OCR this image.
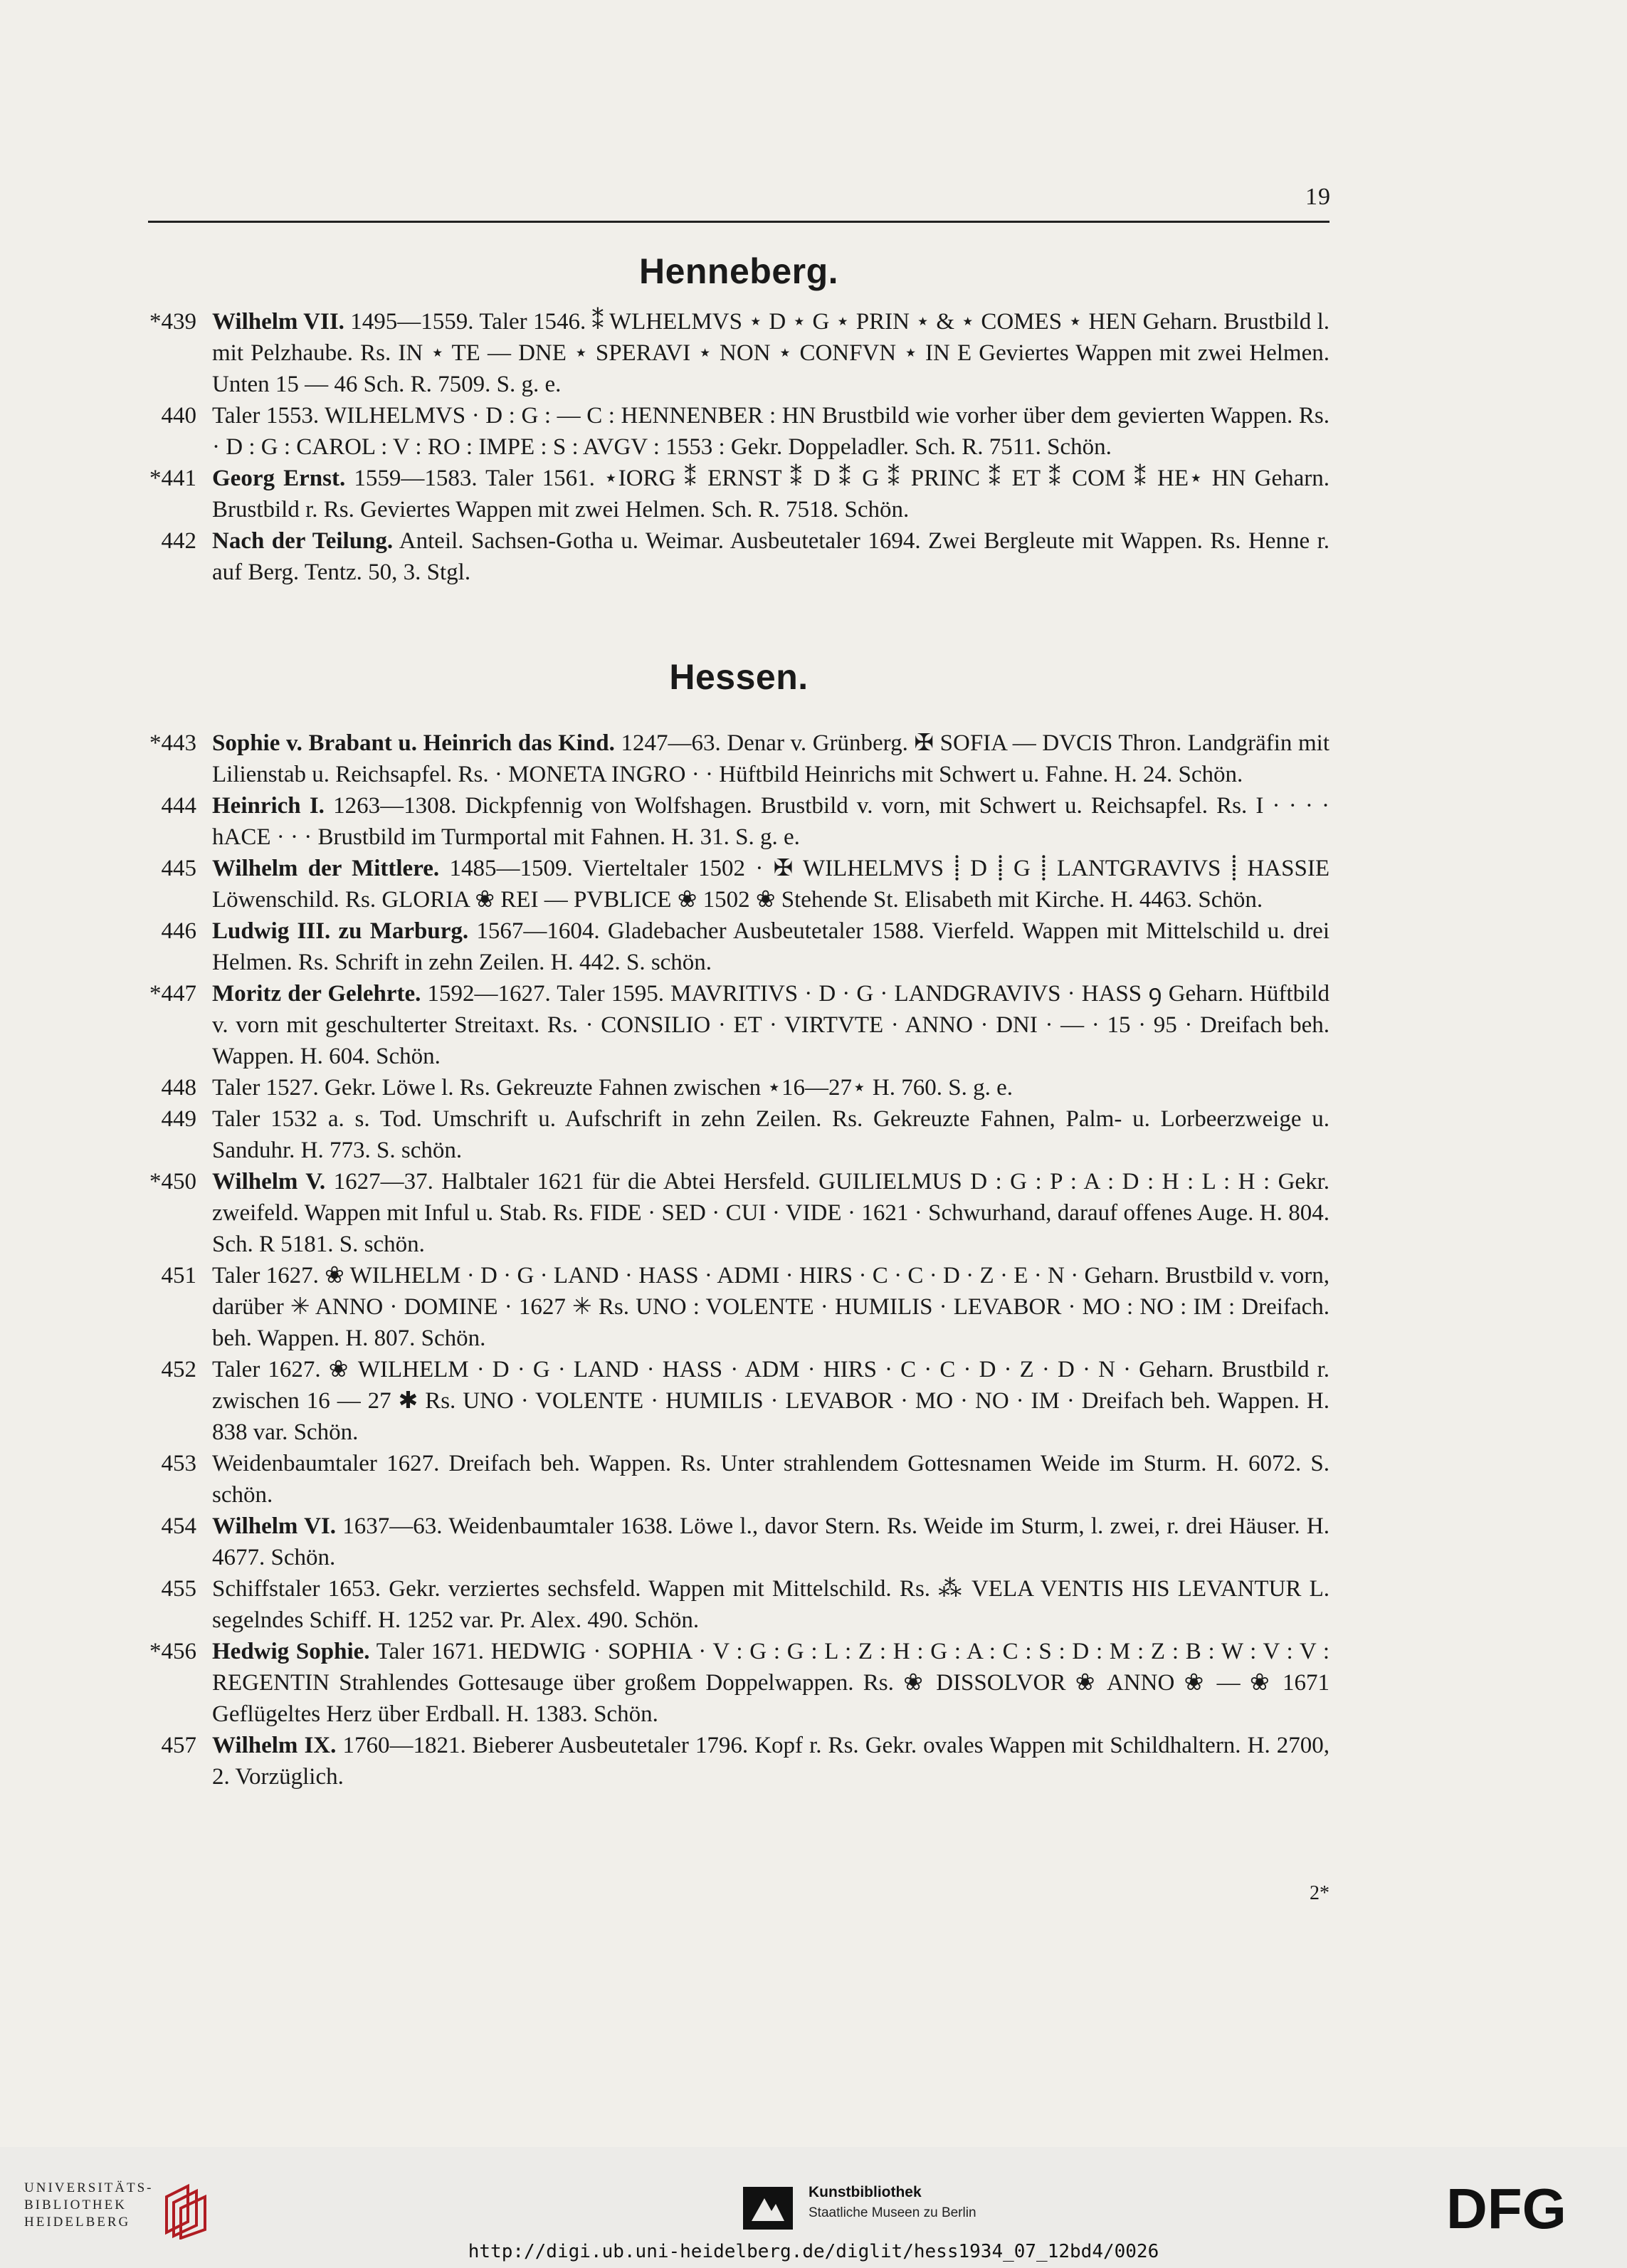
19
Henneberg.

*439 Wilhelm VII. 1495—1559. Taler 1546. ⁑ WLHELMVS ⋆ D ⋆ G ⋆ PRIN ⋆ & ⋆ COMES ⋆ HEN Geharn. Brustbild l. mit Pelzhaube. Rs. IN ⋆ TE — DNE ⋆ SPERAVI ⋆ NON ⋆ CONFVN ⋆ IN E Geviertes Wappen mit zwei Helmen. Unten 15 — 46 Sch. R. 7509. S. g. e.

440 Taler 1553. WILHELMVS · D : G : — C : HENNENBER : HN Brustbild wie vorher über dem gevierten Wappen. Rs. · D : G : CAROL : V : RO : IMPE : S : AVGV : 1553 : Gekr. Doppeladler. Sch. R. 7511. Schön.

*441 Georg Ernst. 1559—1583. Taler 1561. ⋆IORG ⁑ ERNST ⁑ D ⁑ G ⁑ PRINC ⁑ ET ⁑ COM ⁑ HE⋆ HN Geharn. Brustbild r. Rs. Geviertes Wappen mit zwei Helmen. Sch. R. 7518. Schön.

442 Nach der Teilung. Anteil. Sachsen-Gotha u. Weimar. Ausbeutetaler 1694. Zwei Bergleute mit Wappen. Rs. Henne r. auf Berg. Tentz. 50, 3. Stgl.

Hessen.

*443 Sophie v. Brabant u. Heinrich das Kind. 1247—63. Denar v. Grünberg. ✠ SOFIA — DVCIS Thron. Landgräfin mit Lilienstab u. Reichsapfel. Rs. · MONETA INGRO · · Hüftbild Heinrichs mit Schwert u. Fahne. H. 24. Schön.

444 Heinrich I. 1263—1308. Dickpfennig von Wolfshagen. Brustbild v. vorn, mit Schwert u. Reichsapfel. Rs. I · · · · hACE · · · Brustbild im Turmportal mit Fahnen. H. 31. S. g. e.

445 Wilhelm der Mittlere. 1485—1509. Vierteltaler 1502 · ✠ WILHELMVS ⸽ D ⸽ G ⸽ LANTGRAVIVS ⸽ HASSIE Löwenschild. Rs. GLORIA ❀ REI — PVBLICE ❀ 1502 ❀ Stehende St. Elisabeth mit Kirche. H. 4463. Schön.

446 Ludwig III. zu Marburg. 1567—1604. Gladebacher Ausbeutetaler 1588. Vierfeld. Wappen mit Mittelschild u. drei Helmen. Rs. Schrift in zehn Zeilen. H. 442. S. schön.

*447 Moritz der Gelehrte. 1592—1627. Taler 1595. MAVRITIVS · D · G · LANDGRAVIVS · HASS ꝯ Geharn. Hüftbild v. vorn mit geschulterter Streitaxt. Rs. · CONSILIO · ET · VIRTVTE · ANNO · DNI · — · 15 · 95 · Dreifach beh. Wappen. H. 604. Schön.

448 Taler 1527. Gekr. Löwe l. Rs. Gekreuzte Fahnen zwischen ⋆16—27⋆ H. 760. S. g. e.

449 Taler 1532 a. s. Tod. Umschrift u. Aufschrift in zehn Zeilen. Rs. Gekreuzte Fahnen, Palm- u. Lorbeerzweige u. Sanduhr. H. 773. S. schön.

*450 Wilhelm V. 1627—37. Halbtaler 1621 für die Abtei Hersfeld. GUILIELMUS D : G : P : A : D : H : L : H : Gekr. zweifeld. Wappen mit Inful u. Stab. Rs. FIDE · SED · CUI · VIDE · 1621 · Schwurhand, darauf offenes Auge. H. 804. Sch. R 5181. S. schön.

451 Taler 1627. ❀ WILHELM · D · G · LAND · HASS · ADMI · HIRS · C · C · D · Z · E · N · Geharn. Brustbild v. vorn, darüber ✳ ANNO · DOMINE · 1627 ✳ Rs. UNO : VOLENTE · HUMILIS · LEVABOR · MO : NO : IM : Dreifach. beh. Wappen. H. 807. Schön.

452 Taler 1627. ❀ WILHELM · D · G · LAND · HASS · ADM · HIRS · C · C · D · Z · D · N · Geharn. Brustbild r. zwischen 16 — 27 ✱ Rs. UNO · VOLENTE · HUMILIS · LEVABOR · MO · NO · IM · Dreifach beh. Wappen. H. 838 var. Schön.

453 Weidenbaumtaler 1627. Dreifach beh. Wappen. Rs. Unter strahlendem Gottesnamen Weide im Sturm. H. 6072. S. schön.

454 Wilhelm VI. 1637—63. Weidenbaumtaler 1638. Löwe l., davor Stern. Rs. Weide im Sturm, l. zwei, r. drei Häuser. H. 4677. Schön.

455 Schiffstaler 1653. Gekr. verziertes sechsfeld. Wappen mit Mittelschild. Rs. ⁂ VELA VENTIS HIS LEVANTUR L. segelndes Schiff. H. 1252 var. Pr. Alex. 490. Schön.

*456 Hedwig Sophie. Taler 1671. HEDWIG · SOPHIA · V : G : G : L : Z : H : G : A : C : S : D : M : Z : B : W : V : V : REGENTIN Strahlendes Gottesauge über großem Doppelwappen. Rs. ❀ DISSOLVOR ❀ ANNO ❀ — ❀ 1671 Geflügeltes Herz über Erdball. H. 1383. Schön.

457 Wilhelm IX. 1760—1821. Bieberer Ausbeutetaler 1796. Kopf r. Rs. Gekr. ovales Wappen mit Schildhaltern. H. 2700, 2. Vorzüglich.

2*
UNIVERSITÄTS-
BIBLIOTHEK
HEIDELBERG
Kunstbibliothek
Staatliche Museen zu Berlin	DFG
http://digi.ub.uni-heidelberg.de/diglit/hess1934_07_12bd4/0026
